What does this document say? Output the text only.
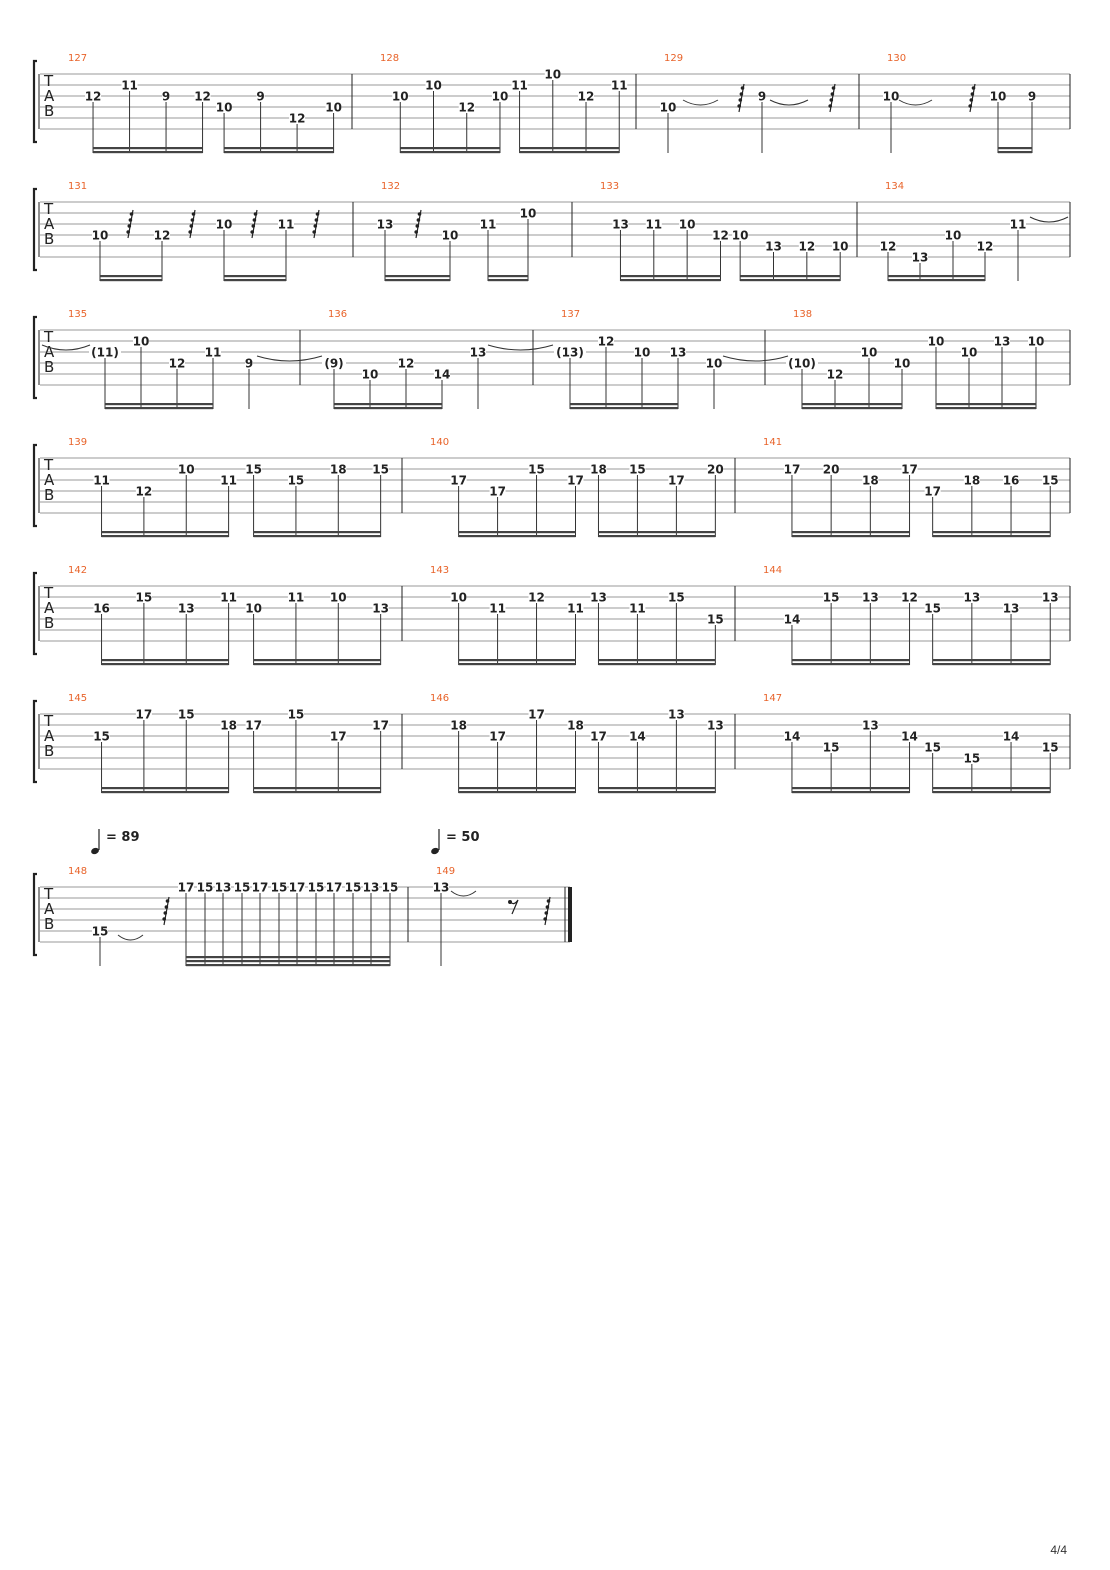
T
A
B
127
12
11
9 12
10
9
12
10
128
10
10
12
10
11
10
12
11
129
10
9
130
10	10 9
T
A
B
131
10	12
10	11
132
13
10
11
10
133
13 11 10
12 10
13 12 10
134
12
13
10
12
11
T
A
B
135
(11)
10
12
11
9
136
(9)
10
12
14
13
137
(13)
12
10 13
10
138
(10)
12
10
10
10
10
13 10
T
A
B
139
11
12
10
11
15
15
18 15
140
17
17
15
17
18 15
17
20
141
17 20
18
17
17
18 16 15
T
A
B
142
16
15
13
11
10
11 10
13
143
10
11
12
11
13
11
15
15
144
14
15 13 12
15
13
13
13
T
A
B
145
15
17 15
18 17
15
17
17
146
18
17
17
18
17 14
13
13
147
14
15
13
14
15
15
14
15
T
A
B
148
15
17 15 13 15 17 15 17 15 17 15 13 15
149
13
= 89	= 50
4/4
